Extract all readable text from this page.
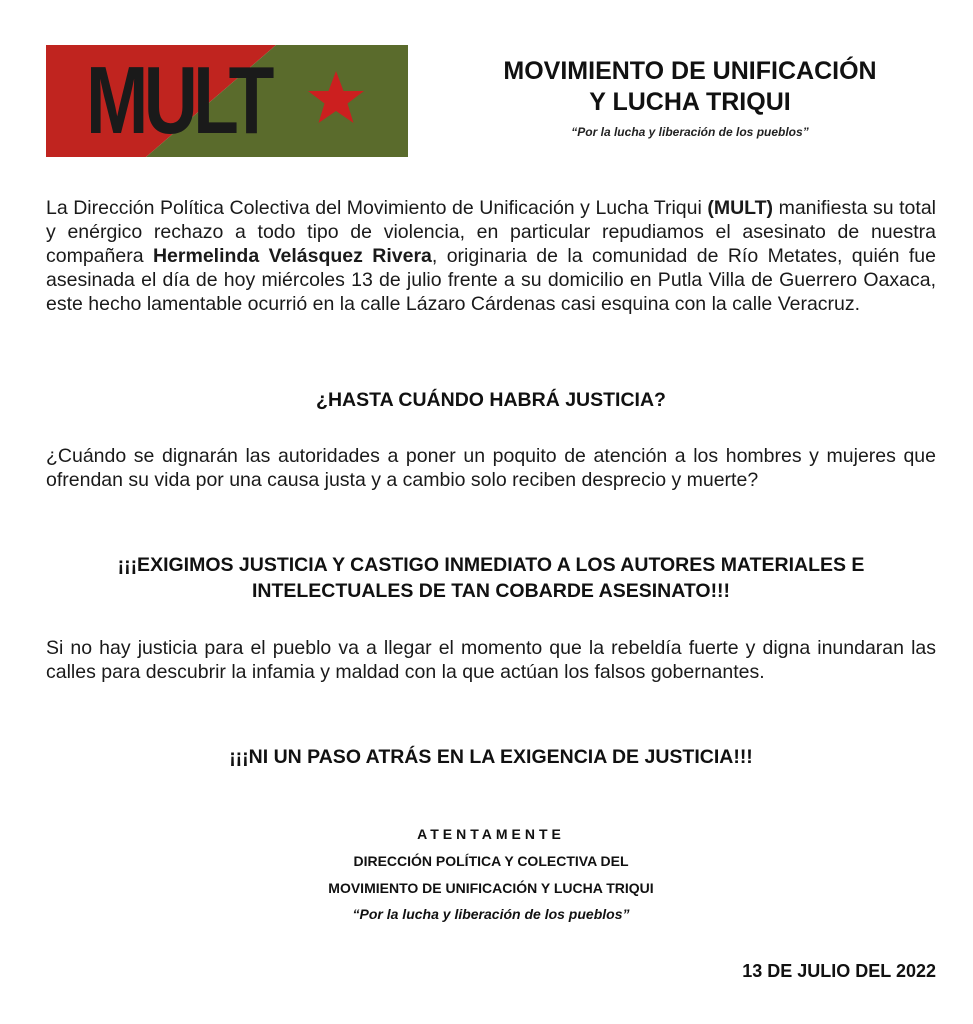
MULT	MOVIMIENTO DE UNIFICACIÓN
Y LUCHA TRIQUI
“Por la lucha y liberación de los pueblos”

La Dirección Política Colectiva del Movimiento de Unificación y Lucha Triqui (MULT) manifiesta su total y enérgico rechazo a todo tipo de violencia, en particular repudiamos el asesinato de nuestra compañera Hermelinda Velásquez Rivera, originaria de la comunidad de Río Metates, quién fue asesinada el día de hoy miércoles 13 de julio frente a su domicilio en Putla Villa de Guerrero Oaxaca, este hecho lamentable ocurrió en la calle Lázaro Cárdenas casi esquina con la calle Veracruz.

¿HASTA CUÁNDO HABRÁ JUSTICIA?

¿Cuándo se dignarán las autoridades a poner un poquito de atención a los hombres y mujeres que ofrendan su vida por una causa justa y a cambio solo reciben desprecio y muerte?

¡¡¡EXIGIMOS JUSTICIA Y CASTIGO INMEDIATO A LOS AUTORES MATERIALES E
INTELECTUALES DE TAN COBARDE ASESINATO!!!

Si no hay justicia para el pueblo va a llegar el momento que la rebeldía fuerte y digna inundaran las calles para descubrir la infamia y maldad con la que actúan los falsos gobernantes.

¡¡¡NI UN PASO ATRÁS EN LA EXIGENCIA DE JUSTICIA!!!
ATENTAMENTE
DIRECCIÓN POLÍTICA Y COLECTIVA DEL
MOVIMIENTO DE UNIFICACIÓN Y LUCHA TRIQUI
“Por la lucha y liberación de los pueblos”
13 DE JULIO DEL 2022
